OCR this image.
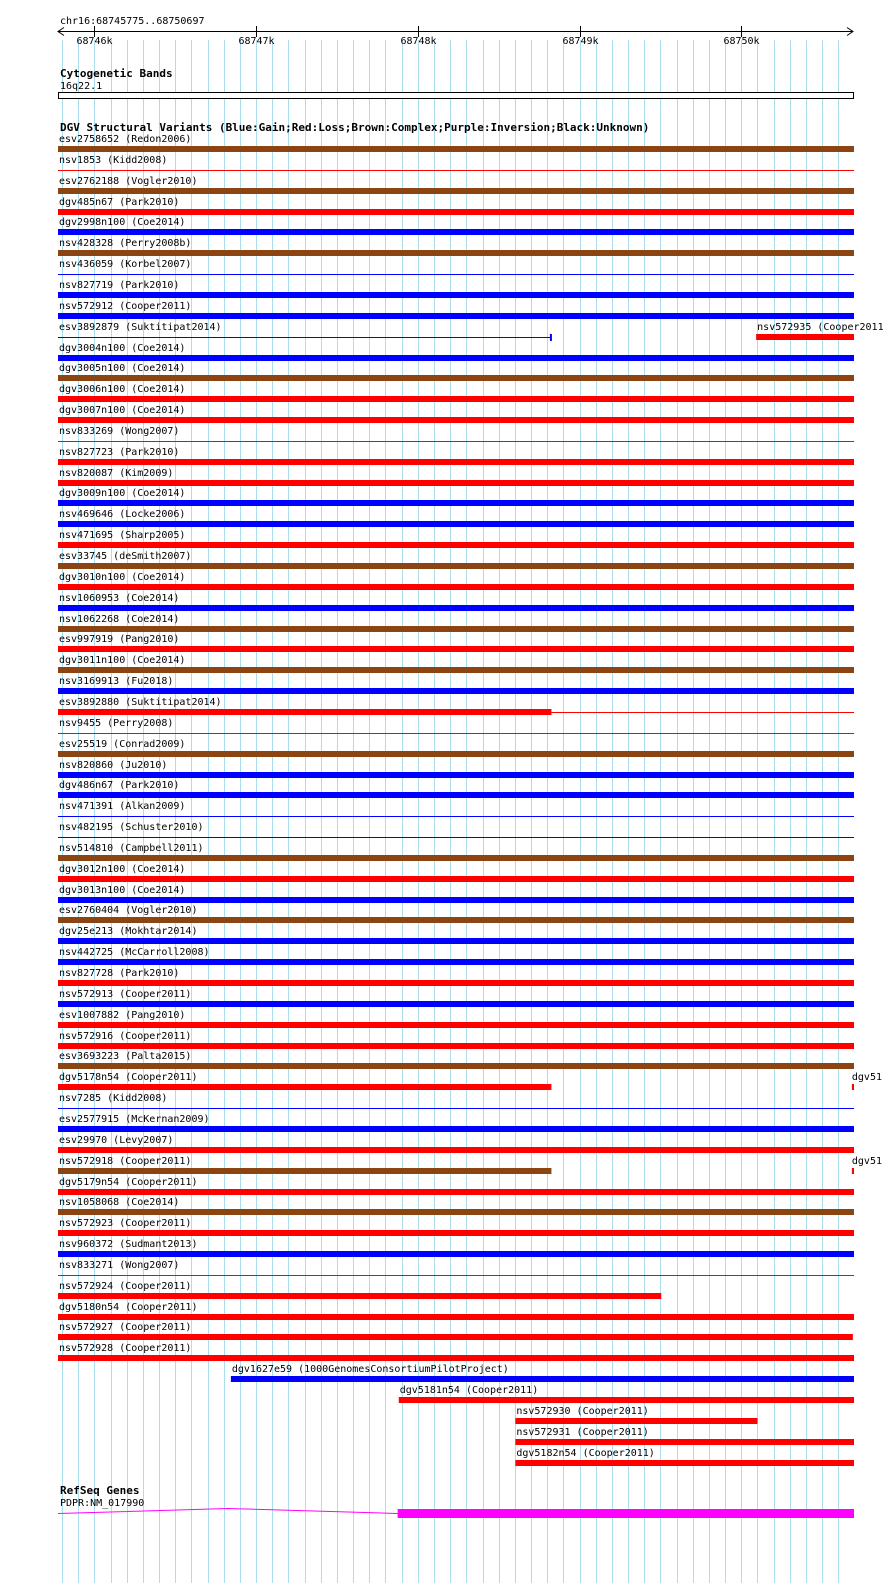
chr16:68745775..68750697
68746k	68747k	68748k	68749k	68750k
Cytogenetic Bands
16q22.1
DGV Structural Variants (Blue:Gain;Red:Loss;Brown:Complex;Purple:Inversion;Black:Unknown)
esv2758652 (Redon2006)
nsv1853 (Kidd2008)
esv2762188 (Vogler2010)
dgv485n67 (Park2010)
dgv2998n100 (Coe2014)
nsv428328 (Perry2008b)
nsv436059 (Korbel2007)
nsv827719 (Park2010)
nsv572912 (Cooper2011)
esv3892879 (Suktitipat2014)	nsv572935 (Cooper2011
dgv3004n100 (Coe2014)
dgv3005n100 (Coe2014)
dgv3006n100 (Coe2014)
dgv3007n100 (Coe2014)
nsv833269 (Wong2007)
nsv827723 (Park2010)
nsv820087 (Kim2009)
dgv3009n100 (Coe2014)
nsv469646 (Locke2006)
nsv471695 (Sharp2005)
esv33745 (deSmith2007)
dgv3010n100 (Coe2014)
nsv1060953 (Coe2014)
nsv1062268 (Coe2014)
esv997919 (Pang2010)
dgv3011n100 (Coe2014)
nsv3169913 (Fu2018)
esv3892880 (Suktitipat2014)
nsv9455 (Perry2008)
esv25519 (Conrad2009)
nsv820860 (Ju2010)
dgv486n67 (Park2010)
nsv471391 (Alkan2009)
nsv482195 (Schuster2010)
nsv514810 (Campbell2011)
dgv3012n100 (Coe2014)
dgv3013n100 (Coe2014)
esv2760404 (Vogler2010)
dgv25e213 (Mokhtar2014)
nsv442725 (McCarroll2008)
nsv827728 (Park2010)
nsv572913 (Cooper2011)
esv1007882 (Pang2010)
nsv572916 (Cooper2011)
esv3693223 (Palta2015)
dgv5178n54 (Cooper2011)	dgv51
nsv7285 (Kidd2008)
esv2577915 (McKernan2009)
esv29970 (Levy2007)
nsv572918 (Cooper2011)	dgv51
dgv5179n54 (Cooper2011)
nsv1058068 (Coe2014)
nsv572923 (Cooper2011)
nsv960372 (Sudmant2013)
nsv833271 (Wong2007)
nsv572924 (Cooper2011)
dgv5180n54 (Cooper2011)
nsv572927 (Cooper2011)
nsv572928 (Cooper2011)
dgv1627e59 (1000GenomesConsortiumPilotProject)
dgv5181n54 (Cooper2011)
nsv572930 (Cooper2011)
nsv572931 (Cooper2011)
dgv5182n54 (Cooper2011)
RefSeq Genes
PDPR:NM_017990
